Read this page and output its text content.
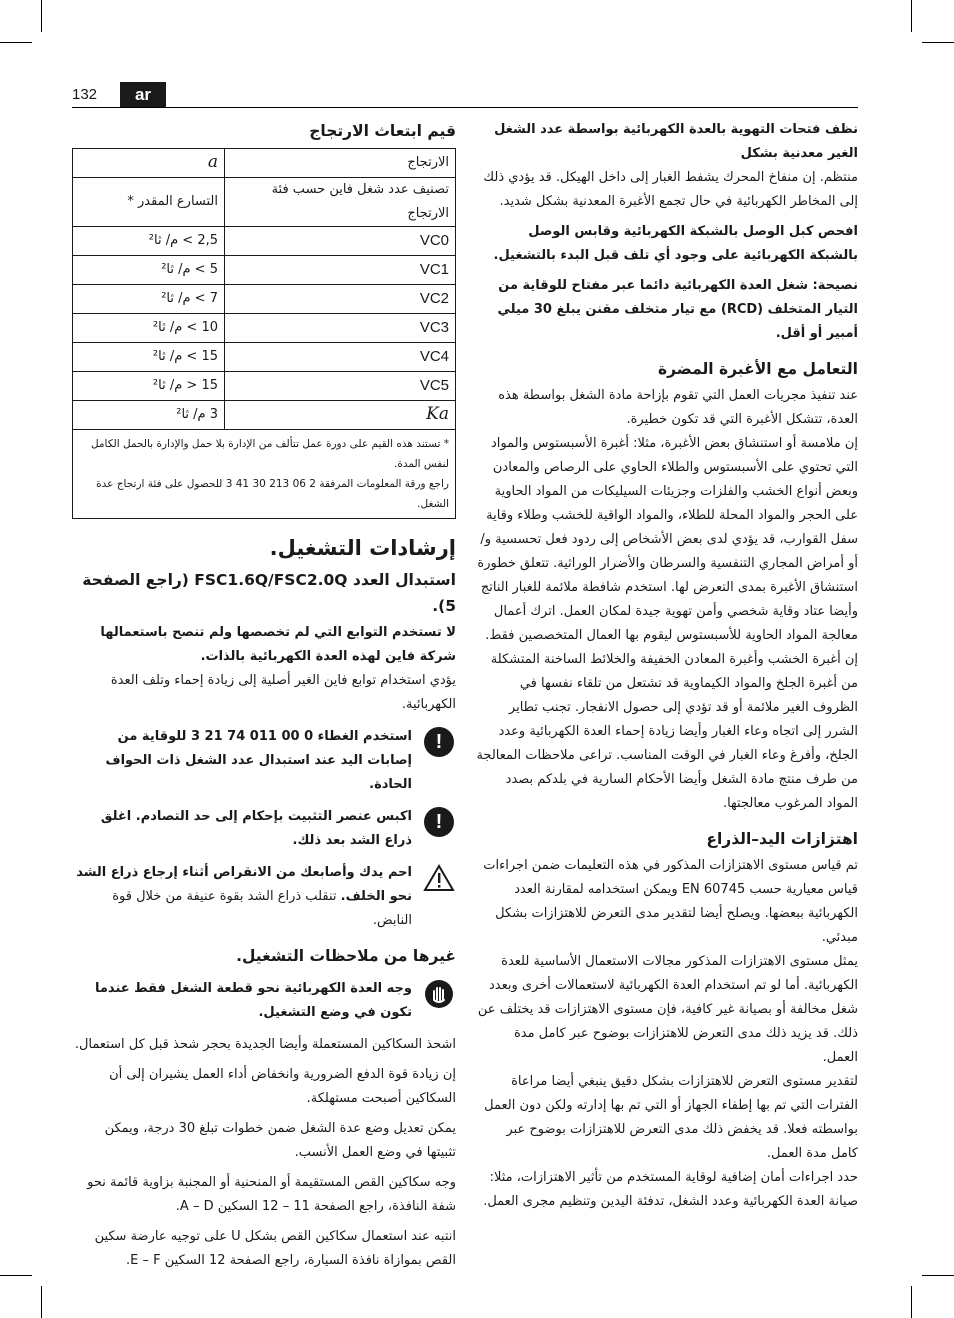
132	ar

نظف فتحات التهوية بالعدة الكهربائية بواسطة عدد الشغل الغير معدنية بشكل

منتظم. إن منفاخ المحرك يشفط الغبار إلى داخل الهيكل. قد يؤدي ذلك إلى المخاطر الكهربائية في حال تجمع الأغبرة المعدنية بشكل شديد.

افحص كبل الوصل بالشبكة الكهربائية وقابس الوصل بالشبكة الكهربائية على وجود أي تلف قبل البدء بالتشغيل.

نصيحة: شغل العدة الكهربائية دائما عبر مفتاح للوقاية من التيار المتخلف (RCD) مع تيار متخلف مقنن يبلغ 30 ميلي أمبير أو أقل.

التعامل مع الأغبرة المضرة

عند تنفيذ مجريات العمل التي تقوم بإزاحة مادة الشغل بواسطة هذه العدة، تتشكل الأغبرة التي قد تكون خطيرة.

إن ملامسة أو استنشاق بعض الأغبرة، مثلا: أغبرة الأسبستوس والمواد التي تحتوي على الأسبستوس والطلاء الحاوي على الرصاص والمعادن وبعض أنواع الخشب والفلزات وجزيئات السيليكات من المواد الحاوية على الحجر والمواد المحلة للطلاء، والمواد الواقية للخشب وطلاء وقاية سفل القوارب، قد يؤدي لدى بعض الأشخاص إلى ردود فعل تحسسية و/ أو أمراض المجاري التنفسية والسرطان والأضرار الوراثية. تتعلق خطورة استنشاق الأغبرة بمدى التعرض لها. استخدم شافطة ملائمة للغبار الناتج وأيضا عتاد وقاية شخصي وأمن تهوية جيدة لمكان العمل. اترك أعمال معالجة المواد الحاوية للأسبستوس ليقوم بها العمال المتخصصين فقط.

إن أغبرة الخشب وأغبرة المعادن الخفيفة والخلائط الساخنة المتشكلة من أغبرة الجلخ والمواد الكيماوية قد تشتعل من تلقاء نفسها في الظروف الغير ملائمة أو قد تؤدي إلى حصول الانفجار. تجنب تطاير الشرر إلى اتجاه وعاء الغبار وأيضا زيادة إحماء العدة الكهربائية وعدد الجلخ، وأفرغ وعاء الغبار في الوقت المناسب. تراعى ملاحظات المعالجة من طرف منتج مادة الشغل وأيضا الأحكام السارية في بلدكم بصدد المواد المرغوب معالجتها.

اهتزازات اليد–الذراع

تم قياس مستوى الاهتزازات المذكور في هذه التعليمات ضمن اجراءات قياس معيارية حسب EN 60745 ويمكن استخدامه لمقارنة العدد الكهربائية ببعضها. ويصلح أيضا لتقدير مدى التعرض للاهتزازات بشكل مبدئي.

يمثل مستوى الاهتزازات المذكور مجالات الاستعمال الأساسية للعدة الكهربائية. أما لو تم استخدام العدة الكهربائية لاستعمالات أخرى وبعدد شغل مخالفة أو بصيانة غير كافية، فإن مستوى الاهتزازات قد يختلف عن ذلك. قد يزيد ذلك مدى التعرض للاهتزازات بوضوح عبر كامل مدة العمل.

لتقدير مستوى التعرض للاهتزازات بشكل دقيق ينبغي أيضا مراعاة الفترات التي تم بها إطفاء الجهاز أو التي تم بها إدارته ولكن دون العمل بواسطته فعلا. قد يخفض ذلك مدى التعرض للاهتزازات بوضوح عبر كامل مدة العمل.

حدد اجراءات أمان إضافية لوقاية المستخدم من تأثير الاهتزازات، مثلا: صيانة العدة الكهربائية وعدد الشغل، تدفئة اليدين وتنظيم مجرى العمل.

قيم ابتعاث الارتجاج
الارتجاج	a
تصنيف عدد شغل فاين حسب فئة الارتجاج	التسارع المقدر *
VC0	2,5 > م/ ثا²
VC1	5 > م/ ثا²
VC2	7 > م/ ثا²
VC3	10 > م/ ثا²
VC4	15 > م/ ثا²
VC5	15 < م/ ثا²
Ka	3 م/ ثا²

* تستند هذه القيم على دورة عمل تتألف من الإدارة بلا حمل والإدارة بالحمل الكامل لنفس المدة.
راجع ورقة المعلومات المرفقة 2 06 213 30 41 3 للحصول على فئة ارتجاج عدة الشغل.	
إرشادات التشغيل.
استبدال العدد FSC1.6Q/FSC2.0Q (راجع الصفحة 5).

لا تستخدم التوابع التي لم تخصصها ولم تنصح باستعمالها شركة فاين لهذه العدة الكهربائية بالذات.

يؤدي استخدام توابع فاين الغير أصلية إلى زيادة إحماء وتلف العدة الكهربائية.

!
استخدم الغطاء 0 00 011 74 21 3 للوقاية من إصابات اليد عند استبدال عدد الشغل ذات الحواف الحادة.
!
اكبس عنصر التثبيت بإحكام إلى حد التصادم. اغلق ذراع الشد بعد ذلك.
احم يدك وأصابعك من الانقراص أثناء إرجاع ذراع الشد نحو الخلف. تنقلب ذراع الشد بقوة عنيفة من خلال قوة النابض.
غيرها من ملاحظات التشغيل.
وجه العدة الكهربائية نحو قطعة الشغل فقط عندما تكون في وضع التشغيل.

اشحذ السكاكين المستعملة وأيضا الجديدة بحجر شحذ قبل كل استعمال.

إن زيادة قوة الدفع الضرورية وانخفاض أداء العمل يشيران إلى أن السكاكين أصبحت مستهلكة.

يمكن تعديل وضع عدة الشغل ضمن خطوات تبلغ 30 درجة، ويمكن تثبيتها في وضع العمل الأنسب.

وجه سكاكين القص المستقيمة أو المنحنية أو المجنبة بزاوية قائمة نحو شفة النافذة، راجع الصفحة 11 – 12 السكين A – D.

انتبه عند استعمال سكاكين القص بشكل U على توجيه عارضة سكين القص بموازاة نافذة السيارة، راجع الصفحة 12 السكين E – F.
